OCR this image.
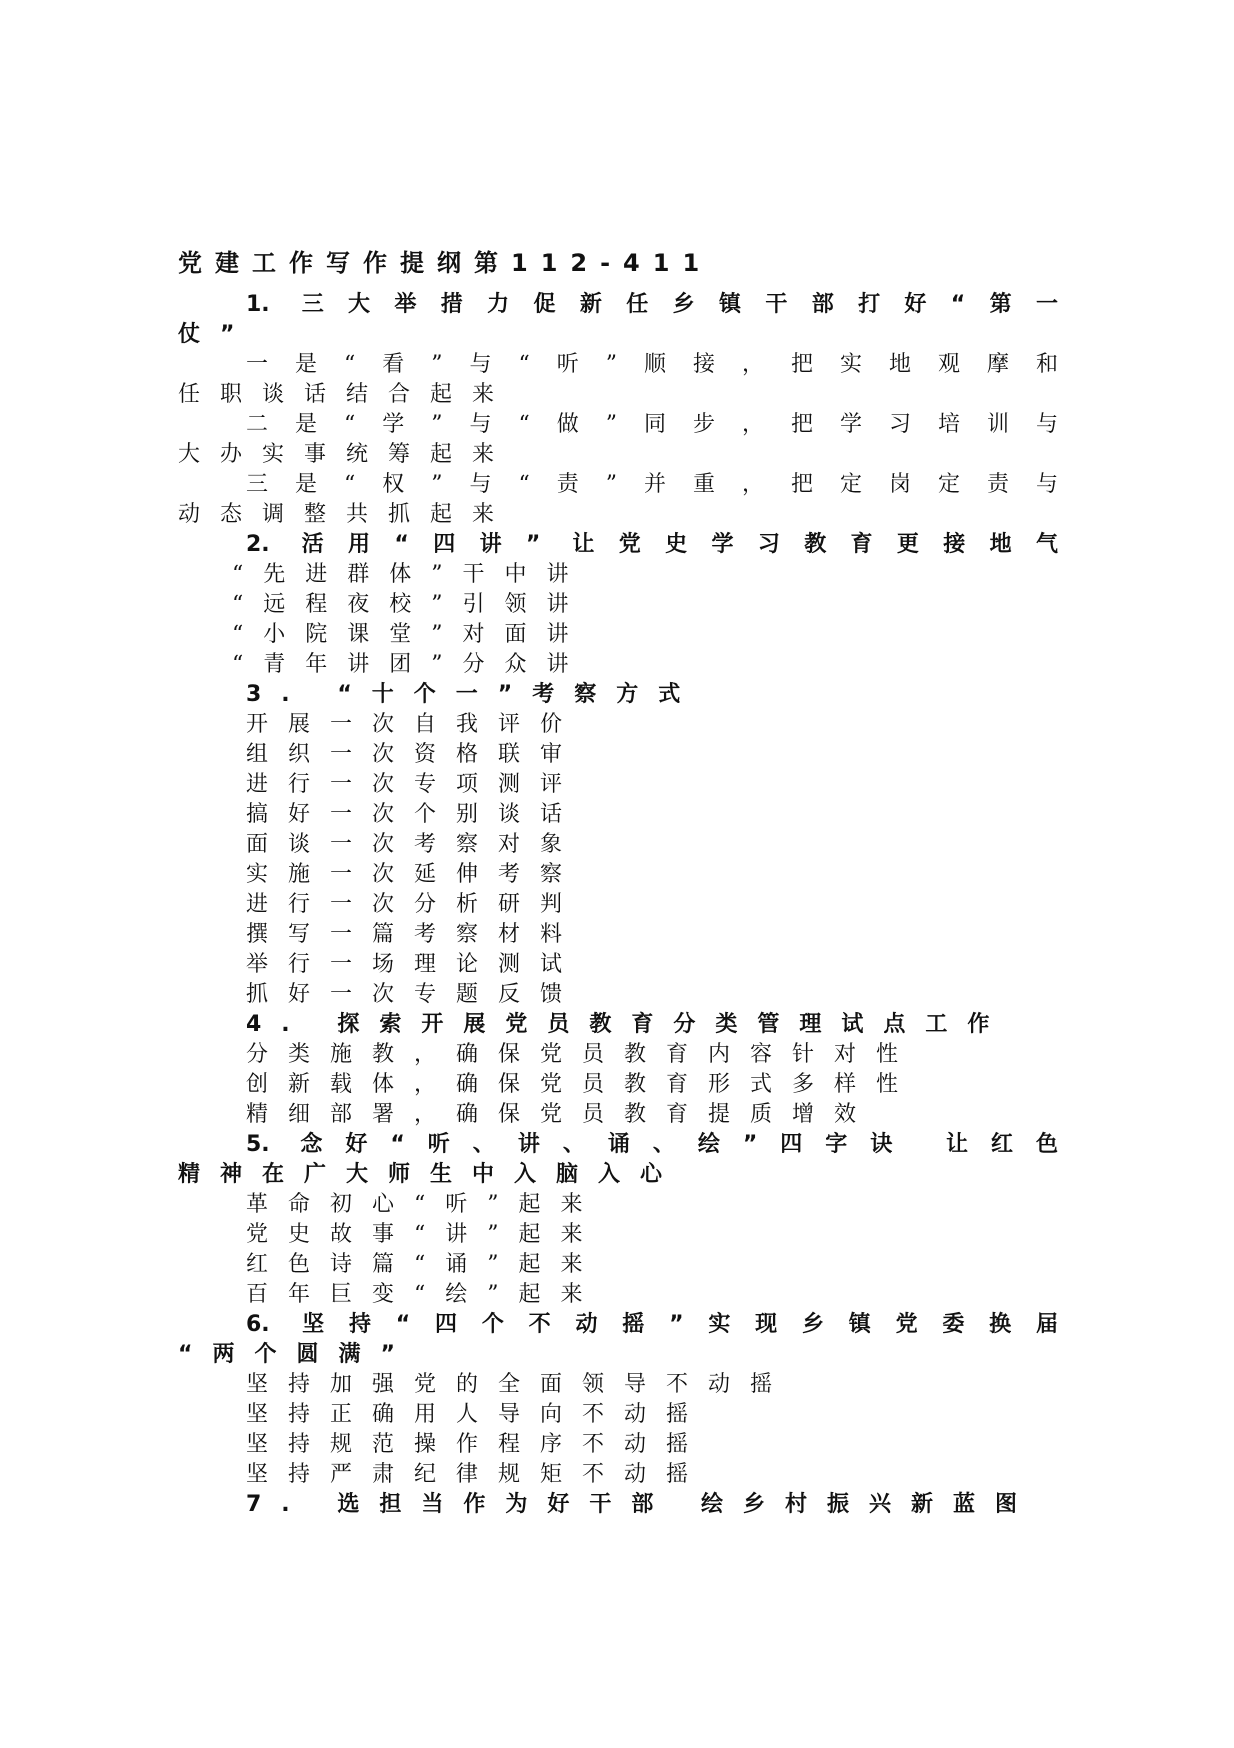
党建工作写作提纲第112-411
1. 三大举措力促新任乡镇干部打好“第一
仗”
一是“看”与“听”顺接，把实地观摩和
任职谈话结合起来
二是“学”与“做”同步，把学习培训与
大办实事统筹起来
三是“权”与“责”并重，把定岗定责与
动态调整共抓起来
2. 活用“四讲” 让党史学习教育更接地气
“先进群体”干中讲
“远程夜校”引领讲
“小院课堂”对面讲
“青年讲团”分众讲
3. “十个一”考察方式
开展一次自我评价
组织一次资格联审
进行一次专项测评
搞好一次个别谈话
面谈一次考察对象
实施一次延伸考察
进行一次分析研判
撰写一篇考察材料
举行一场理论测试
抓好一次专题反馈
4. 探索开展党员教育分类管理试点工作
分类施教，确保党员教育内容针对性
创新载体，确保党员教育形式多样性
精细部署，确保党员教育提质增效
5. 念好“听、讲、诵、绘”四字诀 让红色
精神在广大师生中入脑入心
革命初心“听”起来
党史故事“讲”起来
红色诗篇“诵”起来
百年巨变“绘”起来
6. 坚持“四个不动摇”实现乡镇党委换届
“两个圆满”
坚持加强党的全面领导不动摇
坚持正确用人导向不动摇
坚持规范操作程序不动摇
坚持严肃纪律规矩不动摇
7. 选担当作为好干部 绘乡村振兴新蓝图
